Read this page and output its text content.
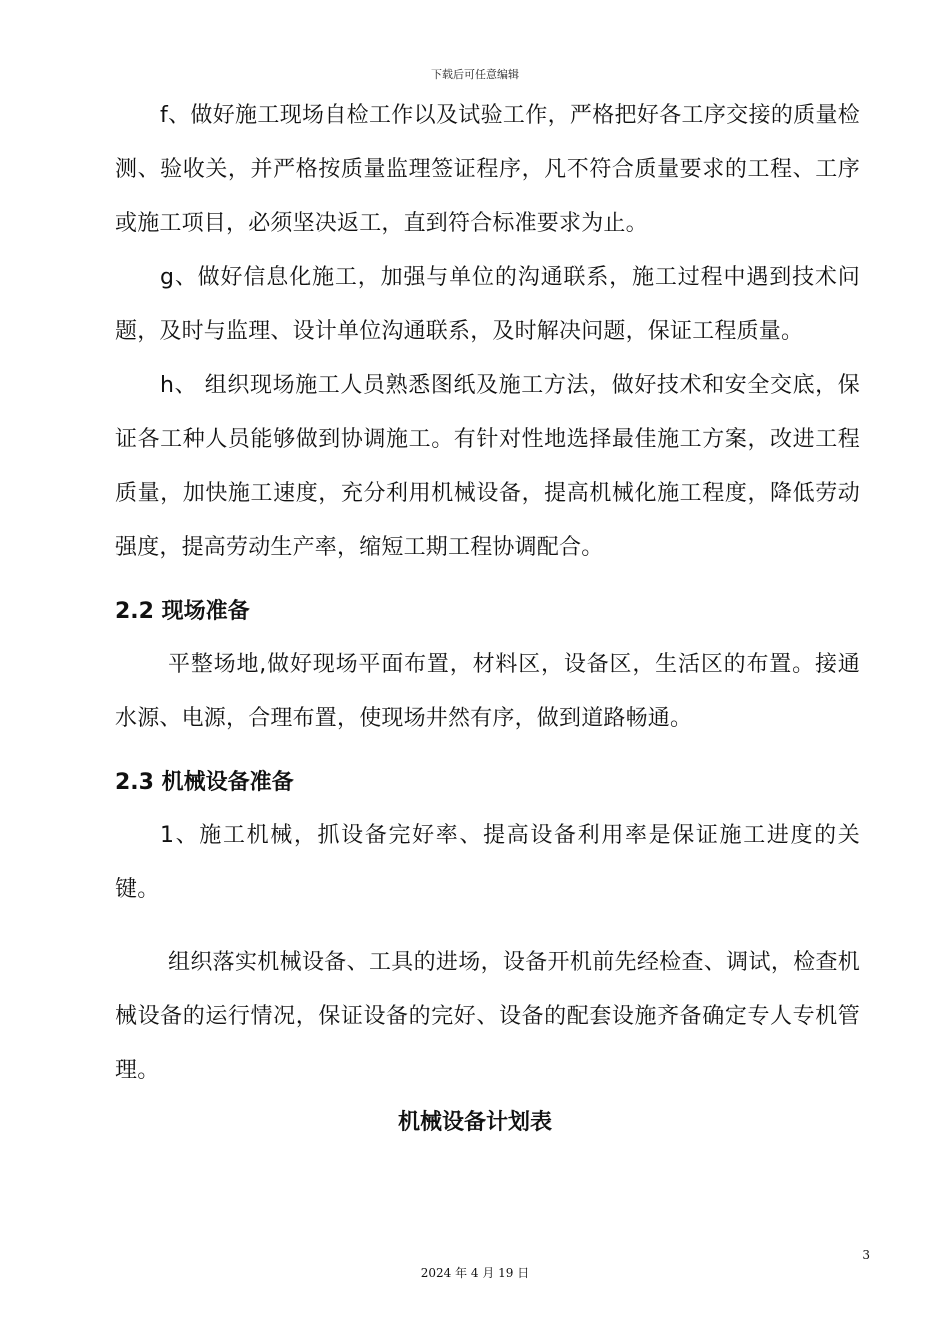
下载后可任意编辑

f、做好施工现场自检工作以及试验工作，严格把好各工序交接的质量检测、验收关，并严格按质量监理签证程序，凡不符合质量要求的工程、工序或施工项目，必须坚决返工，直到符合标准要求为止。

g、做好信息化施工，加强与单位的沟通联系，施工过程中遇到技术问题，及时与监理、设计单位沟通联系，及时解决问题，保证工程质量。

h、 组织现场施工人员熟悉图纸及施工方法，做好技术和安全交底，保证各工种人员能够做到协调施工。有针对性地选择最佳施工方案，改进工程质量，加快施工速度，充分利用机械设备，提高机械化施工程度，降低劳动强度，提高劳动生产率，缩短工期工程协调配合。

2.2 现场准备

平整场地,做好现场平面布置，材料区，设备区，生活区的布置。接通水源、电源，合理布置，使现场井然有序，做到道路畅通。

2.3 机械设备准备

1、施工机械，抓设备完好率、提高设备利用率是保证施工进度的关键。

组织落实机械设备、工具的进场，设备开机前先经检查、调试，检查机械设备的运行情况，保证设备的完好、设备的配套设施齐备确定专人专机管理。

机械设备计划表
3
2024 年 4 月 19 日
